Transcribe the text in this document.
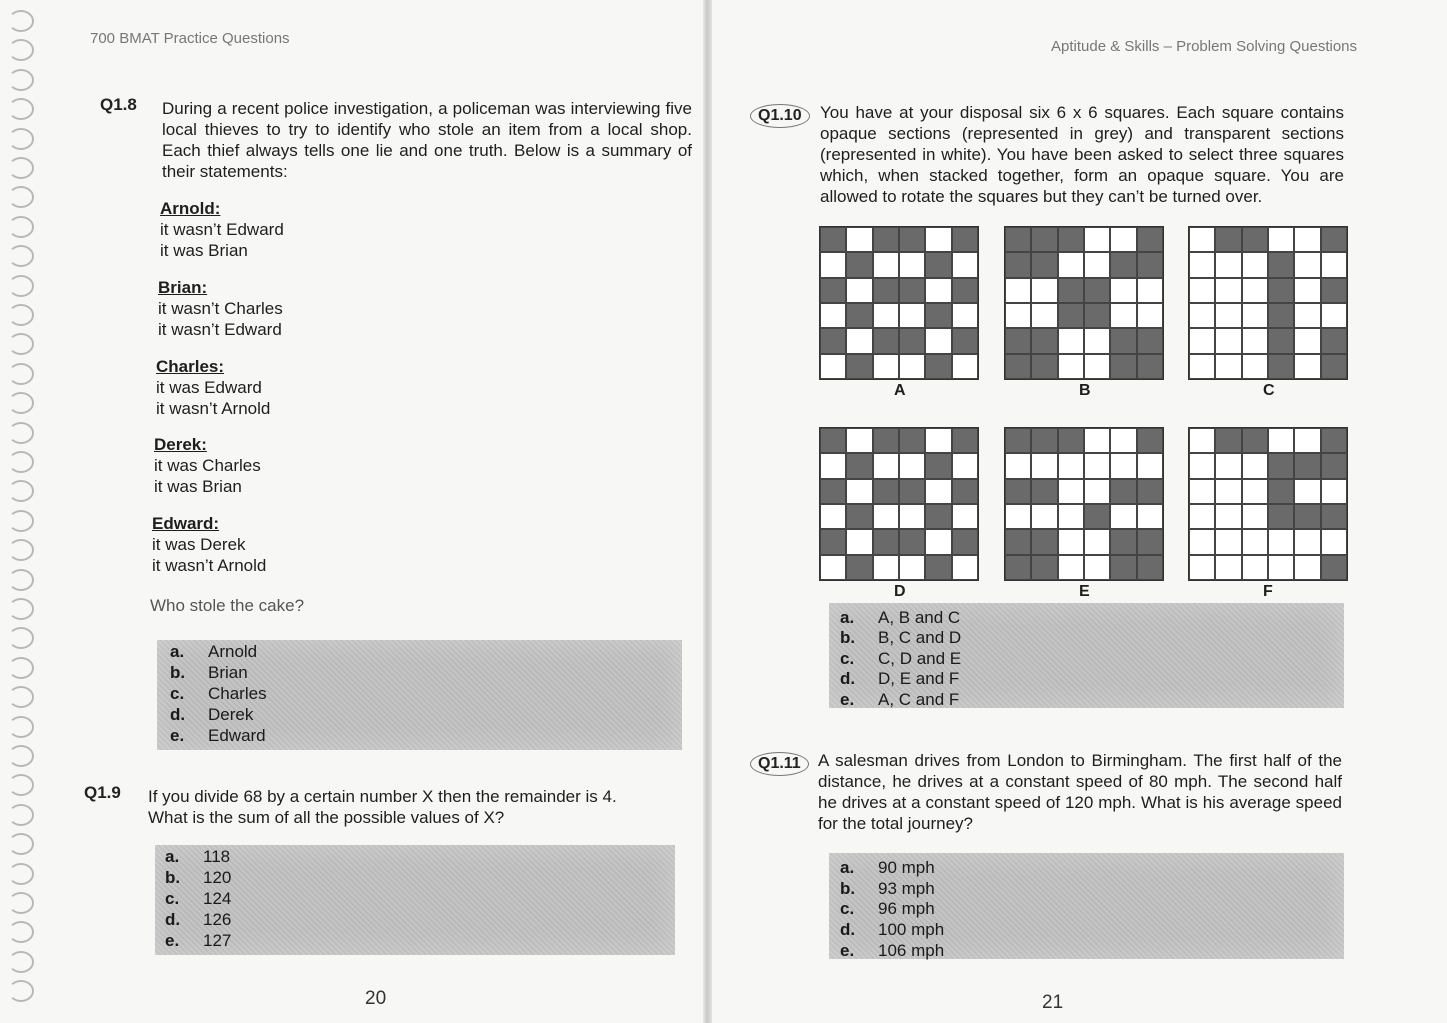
700 BMAT Practice Questions
Q1.8 During a recent police investigation, a policeman was interviewing five local thieves to try to identify who stole an item from a local shop. Each thief always tells one lie and one truth. Below is a summary of their statements:
Arnold:
it wasn’t Edward
it was Brian
Brian:
it wasn’t Charles
it wasn’t Edward
Charles:
it was Edward
it wasn’t Arnold
Derek:
it was Charles
it was Brian
Edward:
it was Derek
it wasn’t Arnold
Who stole the cake?
a. Arnold
b. Brian
c. Charles
d. Derek
e. Edward
Q1.9 If you divide 68 by a certain number X then the remainder is 4. What is the sum of all the possible values of X?
a. 118
b. 120
c. 124
d. 126
e. 127
20
Aptitude & Skills – Problem Solving Questions
Q1.10	You have at your disposal six 6 x 6 squares. Each square contains opaque sections (represented in grey) and transparent sections (represented in white). You have been asked to select three squares which, when stacked together, form an opaque square. You are allowed to rotate the squares but they can’t be turned over.
A	B	C
D	E	F
a. A, B and C
b. B, C and D
c. C, D and E
d. D, E and F
e. A, C and F
Q1.11	A salesman drives from London to Birmingham. The first half of the distance, he drives at a constant speed of 80 mph. The second half he drives at a constant speed of 120 mph. What is his average speed for the total journey?
a. 90 mph
b. 93 mph
c. 96 mph
d. 100 mph
e. 106 mph
21
